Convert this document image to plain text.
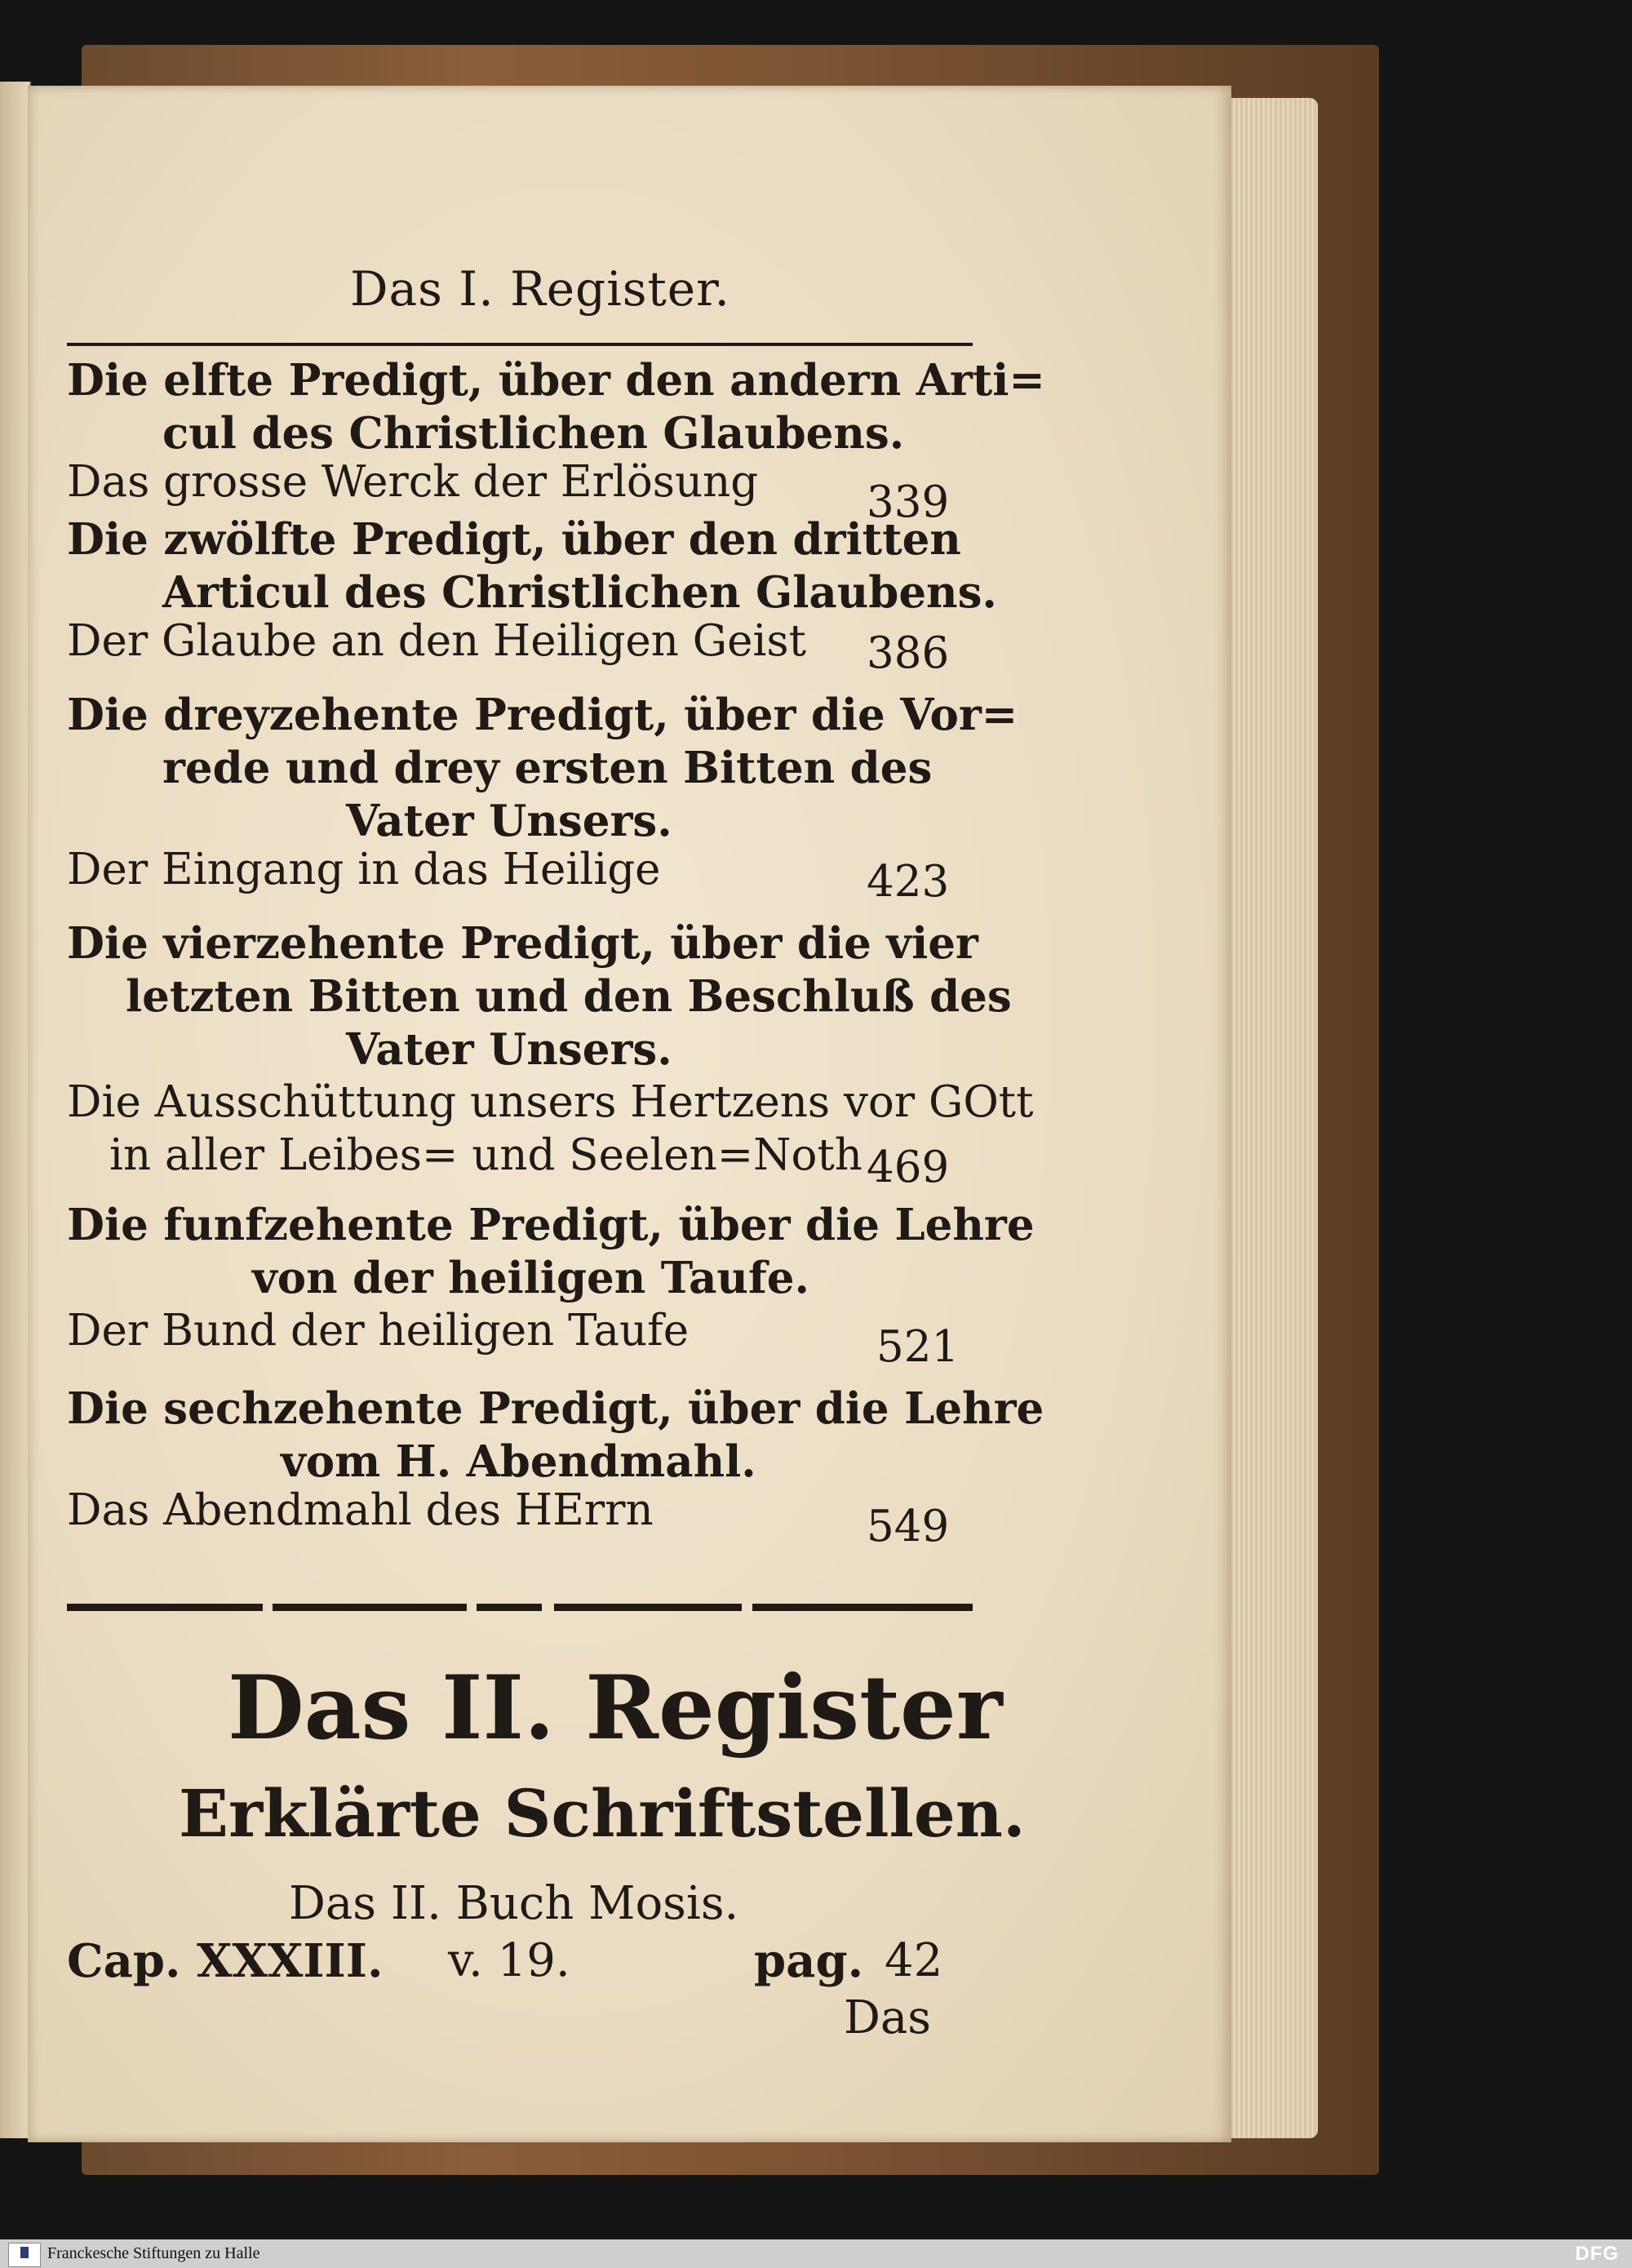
Das I. Register.
Die elfte Predigt, über den andern Arti=
cul des Christlichen Glaubens.
Das grosse Werck der Erlösung	339
Die zwölfte Predigt, über den dritten
Articul des Christlichen Glaubens.
Der Glaube an den Heiligen Geist 386
Die dreyzehente Predigt, über die Vor=
rede und drey ersten Bitten des
Vater Unsers.
Der Eingang in das Heilige	423
Die vierzehente Predigt, über die vier
letzten Bitten und den Beschluß des
Vater Unsers.
Die Ausschüttung unsers Hertzens vor GOtt
in aller Leibes= und Seelen=Noth 469
Die funfzehente Predigt, über die Lehre
von der heiligen Taufe.
Der Bund der heiligen Taufe	521
Die sechzehente Predigt, über die Lehre
vom H. Abendmahl.
Das Abendmahl des HErrn	549
Das II. Register
Erklärte Schriftstellen.
Das II. Buch Mosis.
Cap. XXXIII. v. 19.	pag. 42
Das
Franckesche Stiftungen zu Halle	DFG
